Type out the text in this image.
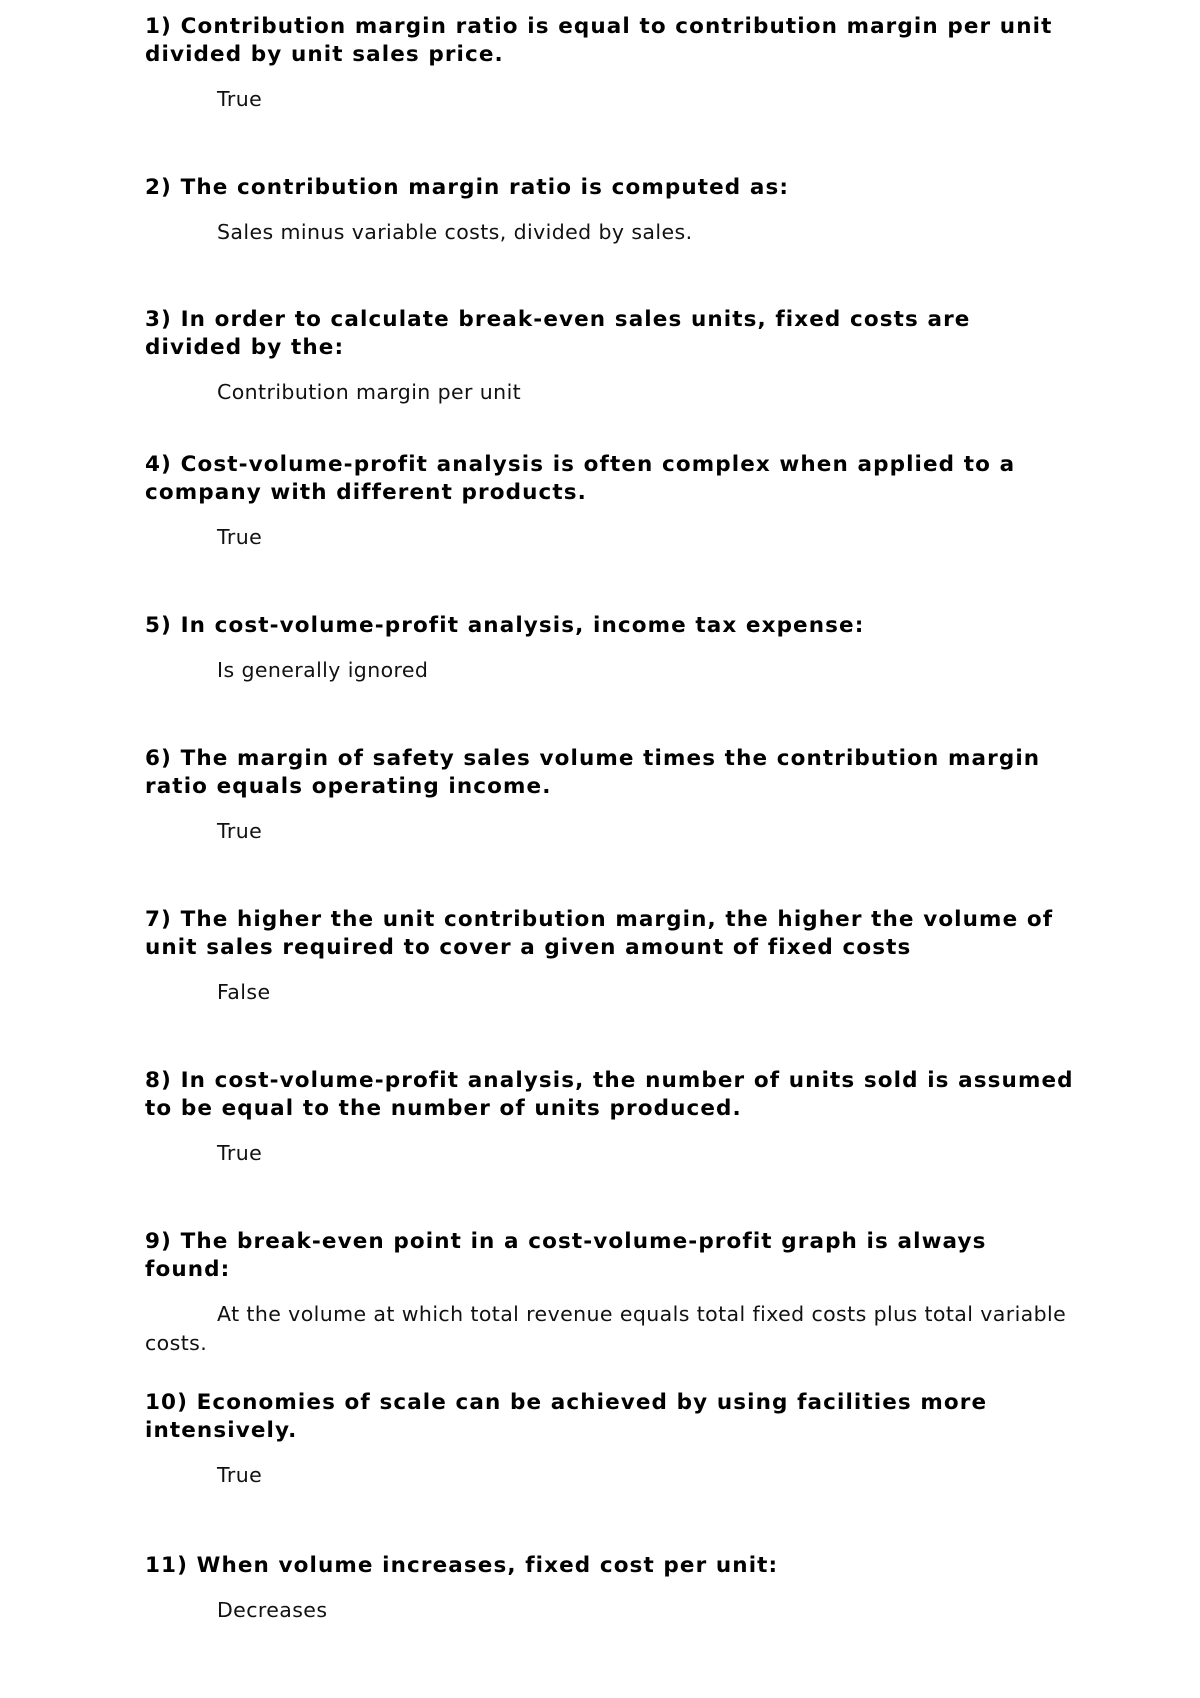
1) Contribution margin ratio is equal to contribution margin per unit divided by unit sales price.

True

2) The contribution margin ratio is computed as:

Sales minus variable costs, divided by sales.

3) In order to calculate break-even sales units, fixed costs are divided by the:

Contribution margin per unit

4) Cost-volume-profit analysis is often complex when applied to a company with different products.

True

5) In cost-volume-profit analysis, income tax expense:

Is generally ignored

6) The margin of safety sales volume times the contribution margin ratio equals operating income.

True

7) The higher the unit contribution margin, the higher the volume of unit sales required to cover a given amount of fixed costs

False

8) In cost-volume-profit analysis, the number of units sold is assumed to be equal to the number of units produced.

True

9) The break-even point in a cost-volume-profit graph is always found:

At the volume at which total revenue equals total fixed costs plus total variable costs.

10) Economies of scale can be achieved by using facilities more intensively.

True

11) When volume increases, fixed cost per unit:

Decreases
